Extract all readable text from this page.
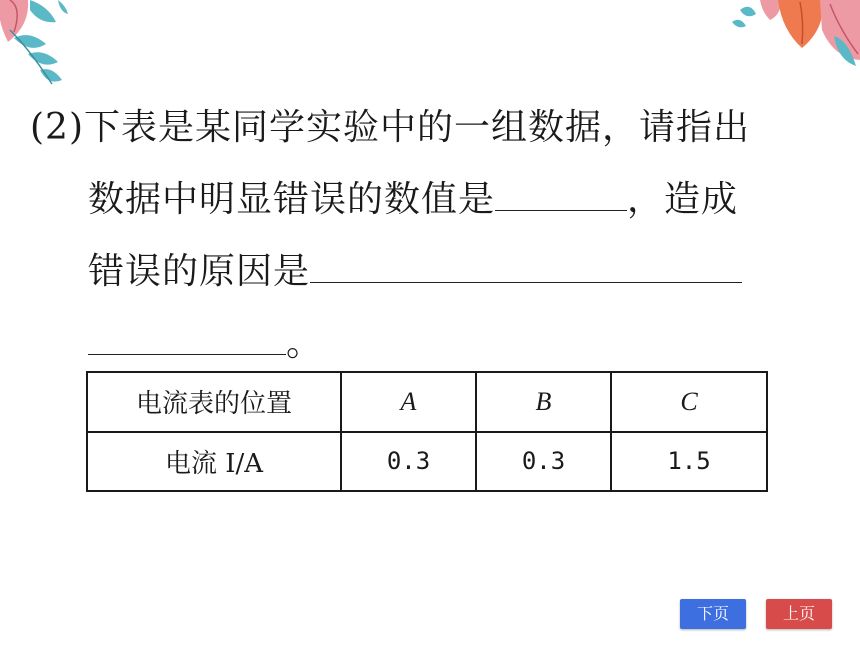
(2)下表是某同学实验中的一组数据，请指出
数据中明显错误的数值是	，造成
错误的原因是
。
电流表的位置	A	B	C
电流 I/A	0.3	0.3	1.5
下页	上页
